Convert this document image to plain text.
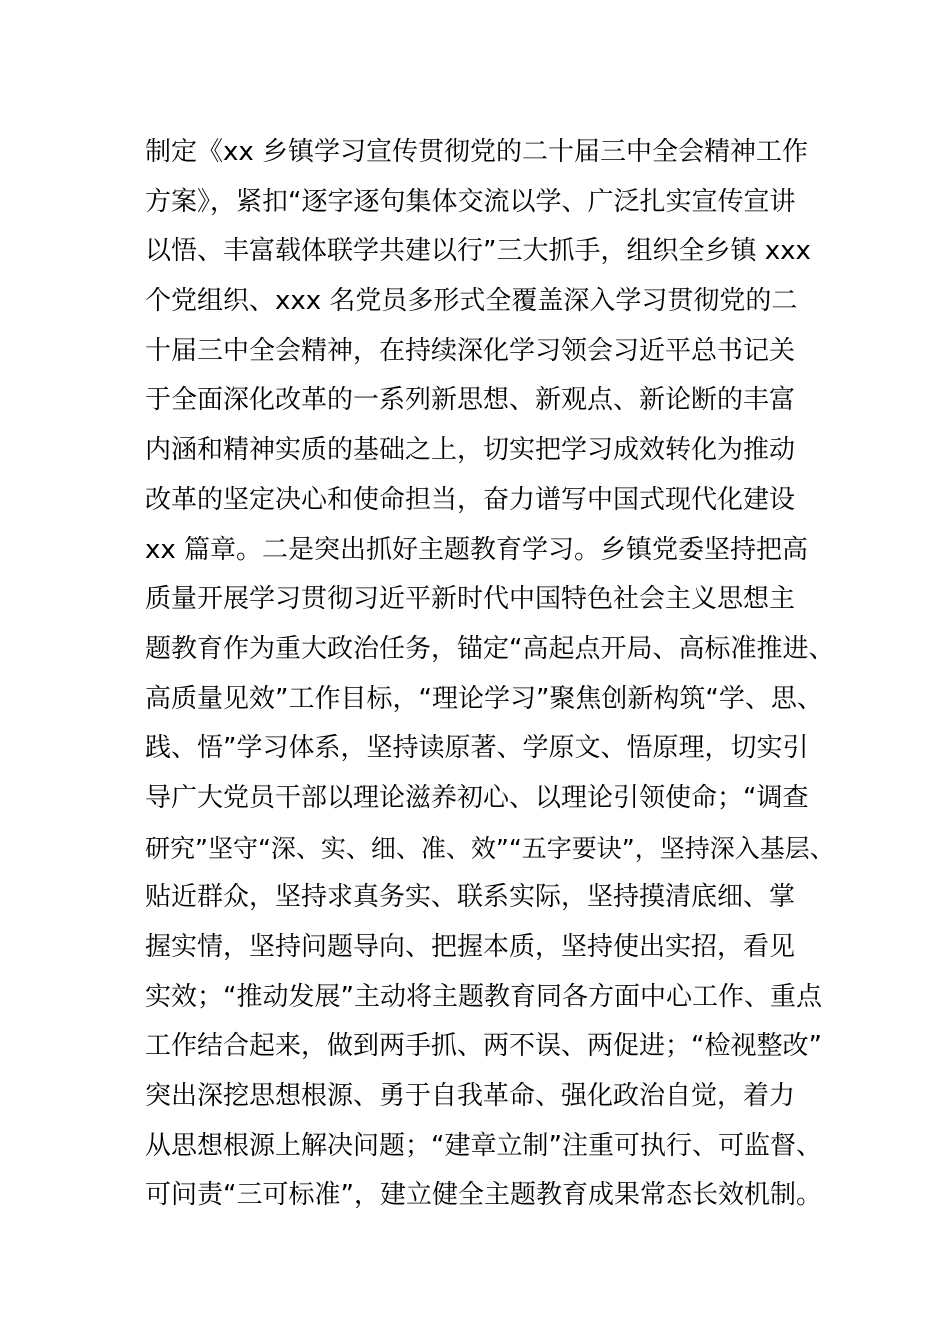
制定《xx 乡镇学习宣传贯彻党的二十届三中全会精神工作
方案》，紧扣“逐字逐句集体交流以学、广泛扎实宣传宣讲
以悟、丰富载体联学共建以行”三大抓手，组织全乡镇 xxx
个党组织、xxx 名党员多形式全覆盖深入学习贯彻党的二
十届三中全会精神，在持续深化学习领会习近平总书记关
于全面深化改革的一系列新思想、新观点、新论断的丰富
内涵和精神实质的基础之上，切实把学习成效转化为推动
改革的坚定决心和使命担当，奋力谱写中国式现代化建设
xx 篇章。二是突出抓好主题教育学习。乡镇党委坚持把高
质量开展学习贯彻习近平新时代中国特色社会主义思想主
题教育作为重大政治任务，锚定“高起点开局、高标准推进、
高质量见效”工作目标，“理论学习”聚焦创新构筑“学、思、
践、悟”学习体系，坚持读原著、学原文、悟原理，切实引
导广大党员干部以理论滋养初心、以理论引领使命；“调查
研究”坚守“深、实、细、准、效”“五字要诀”，坚持深入基层、
贴近群众，坚持求真务实、联系实际，坚持摸清底细、掌
握实情，坚持问题导向、把握本质，坚持使出实招，看见
实效；“推动发展”主动将主题教育同各方面中心工作、重点
工作结合起来，做到两手抓、两不误、两促进；“检视整改”
突出深挖思想根源、勇于自我革命、强化政治自觉，着力
从思想根源上解决问题；“建章立制”注重可执行、可监督、
可问责“三可标准”，建立健全主题教育成果常态长效机制。
